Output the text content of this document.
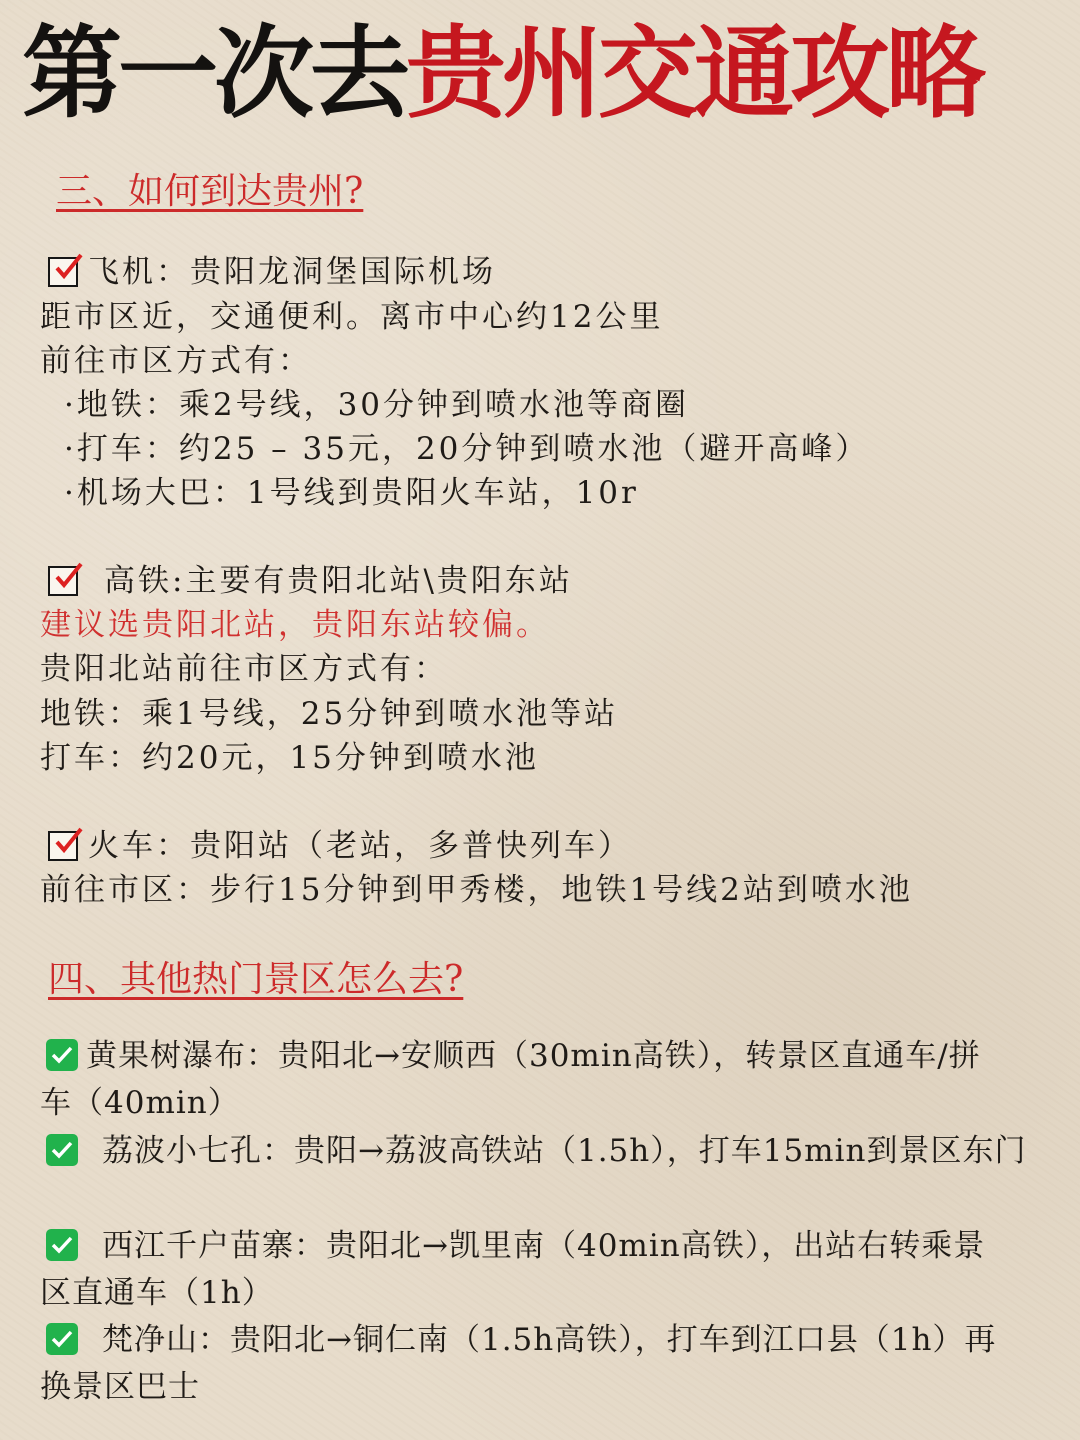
第一次去贵州交通攻略
三、如何到达贵州?
飞机：贵阳龙洞堡国际机场
距市区近，交通便利。离市中心约12公里
前往市区方式有：
·地铁：乘2号线，30分钟到喷水池等商圈
·打车：约25 – 35元，20分钟到喷水池（避开高峰）
·机场大巴：1号线到贵阳火车站，10r
高铁:主要有贵阳北站\贵阳东站
建议选贵阳北站，贵阳东站较偏。
贵阳北站前往市区方式有：
地铁：乘1号线，25分钟到喷水池等站
打车：约20元，15分钟到喷水池
火车：贵阳站（老站，多普快列车）
前往市区：步行15分钟到甲秀楼，地铁1号线2站到喷水池
四、其他热门景区怎么去?
黄果树瀑布：贵阳北→安顺西（30min高铁），转景区直通车/拼
车（40min）
荔波小七孔：贵阳→荔波高铁站（1.5h），打车15min到景区东门
西江千户苗寨：贵阳北→凯里南（40min高铁），出站右转乘景
区直通车（1h）
梵净山：贵阳北→铜仁南（1.5h高铁），打车到江口县（1h）再
换景区巴士
